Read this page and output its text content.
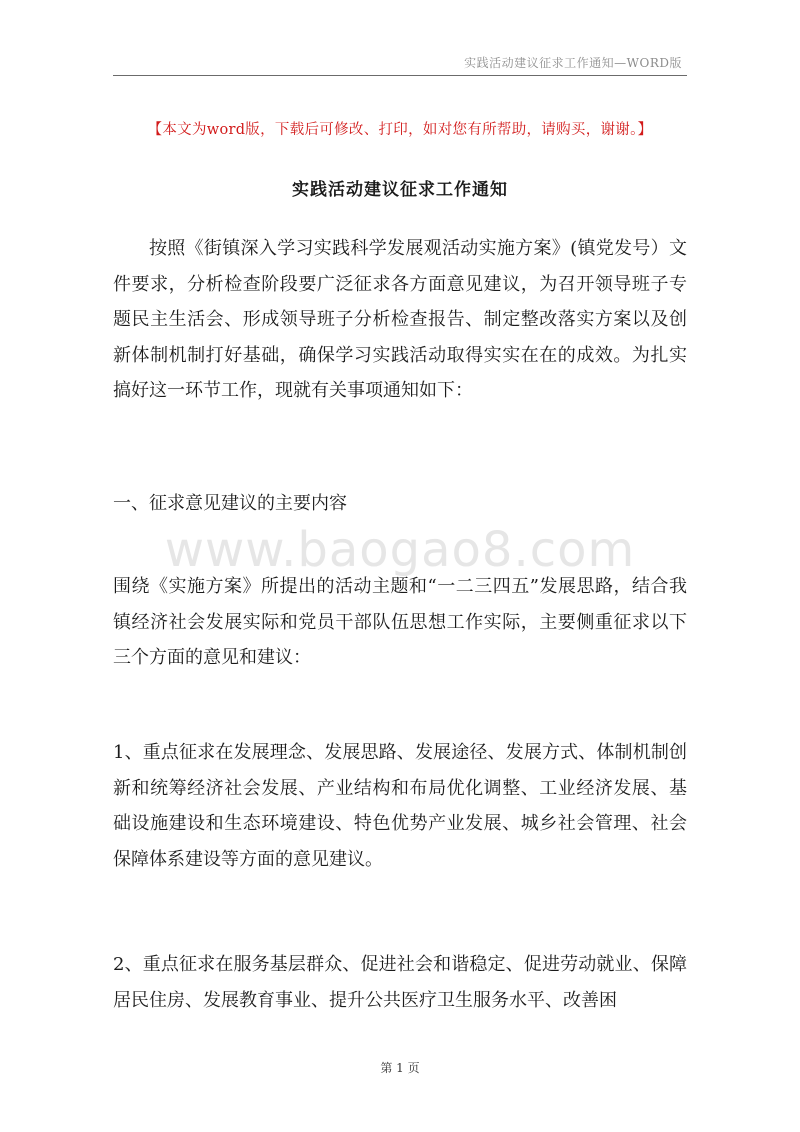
实践活动建议征求工作通知—WORD版
【本文为word版，下载后可修改、打印，如对您有所帮助，请购买，谢谢。】
实践活动建议征求工作通知
按照《街镇深入学习实践科学发展观活动实施方案》(镇党发号）文件要求，分析检查阶段要广泛征求各方面意见建议，为召开领导班子专题民主生活会、形成领导班子分析检查报告、制定整改落实方案以及创新体制机制打好基础，确保学习实践活动取得实实在在的成效。为扎实搞好这一环节工作，现就有关事项通知如下：
一、征求意见建议的主要内容
www.baogao8.com
围绕《实施方案》所提出的活动主题和“一二三四五”发展思路，结合我镇经济社会发展实际和党员干部队伍思想工作实际，主要侧重征求以下三个方面的意见和建议：
1、重点征求在发展理念、发展思路、发展途径、发展方式、体制机制创新和统筹经济社会发展、产业结构和布局优化调整、工业经济发展、基础设施建设和生态环境建设、特色优势产业发展、城乡社会管理、社会保障体系建设等方面的意见建议。
2、重点征求在服务基层群众、促进社会和谐稳定、促进劳动就业、保障居民住房、发展教育事业、提升公共医疗卫生服务水平、改善困
第 1 页
